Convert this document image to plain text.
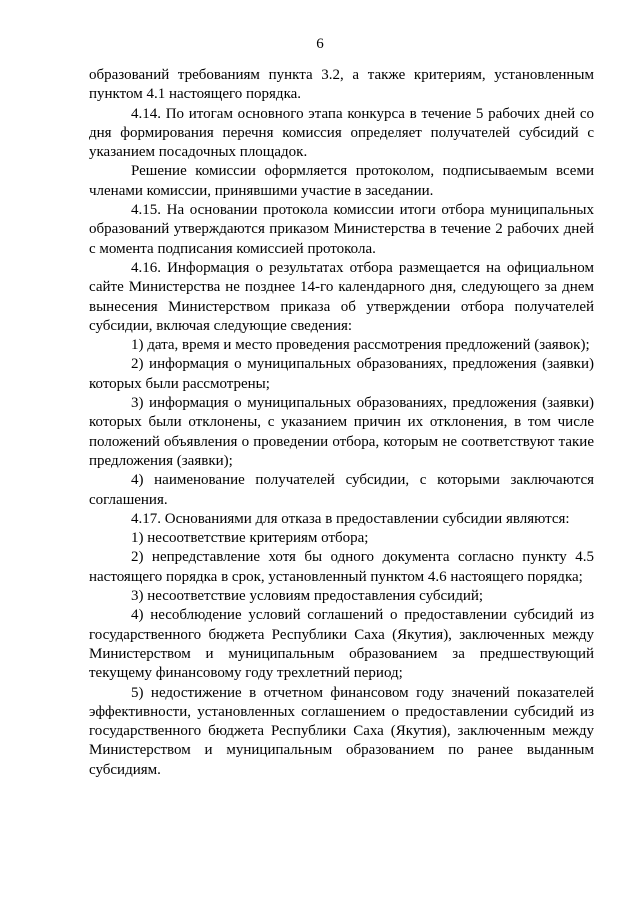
6

образований требованиям пункта 3.2, а также критериям, установленным пунктом 4.1 настоящего порядка.

4.14. По итогам основного этапа конкурса в течение 5 рабочих дней со дня формирования перечня комиссия определяет получателей субсидий с указанием посадочных площадок.

Решение комиссии оформляется протоколом, подписываемым всеми членами комиссии, принявшими участие в заседании.

4.15. На основании протокола комиссии итоги отбора муниципальных образований утверждаются приказом Министерства в течение 2 рабочих дней с момента подписания комиссией протокола.

4.16. Информация о результатах отбора размещается на официальном сайте Министерства не позднее 14-го календарного дня, следующего за днем вынесения Министерством приказа об утверждении отбора получателей субсидии, включая следующие сведения:

1) дата, время и место проведения рассмотрения предложений (заявок);

2) информация о муниципальных образованиях, предложения (заявки) которых были рассмотрены;

3) информация о муниципальных образованиях, предложения (заявки) которых были отклонены, с указанием причин их отклонения, в том числе положений объявления о проведении отбора, которым не соответствуют такие предложения (заявки);

4) наименование получателей субсидии, с которыми заключаются соглашения.

4.17. Основаниями для отказа в предоставлении субсидии являются:

1) несоответствие критериям отбора;

2) непредставление хотя бы одного документа согласно пункту 4.5 настоящего порядка в срок, установленный пунктом 4.6 настоящего порядка;

3) несоответствие условиям предоставления субсидий;

4) несоблюдение условий соглашений о предоставлении субсидий из государственного бюджета Республики Саха (Якутия), заключенных между Министерством и муниципальным образованием за предшествующий текущему финансовому году трехлетний период;

5) недостижение в отчетном финансовом году значений показателей эффективности, установленных соглашением о предоставлении субсидий из государственного бюджета Республики Саха (Якутия), заключенным между Министерством и муниципальным образованием по ранее выданным субсидиям.
